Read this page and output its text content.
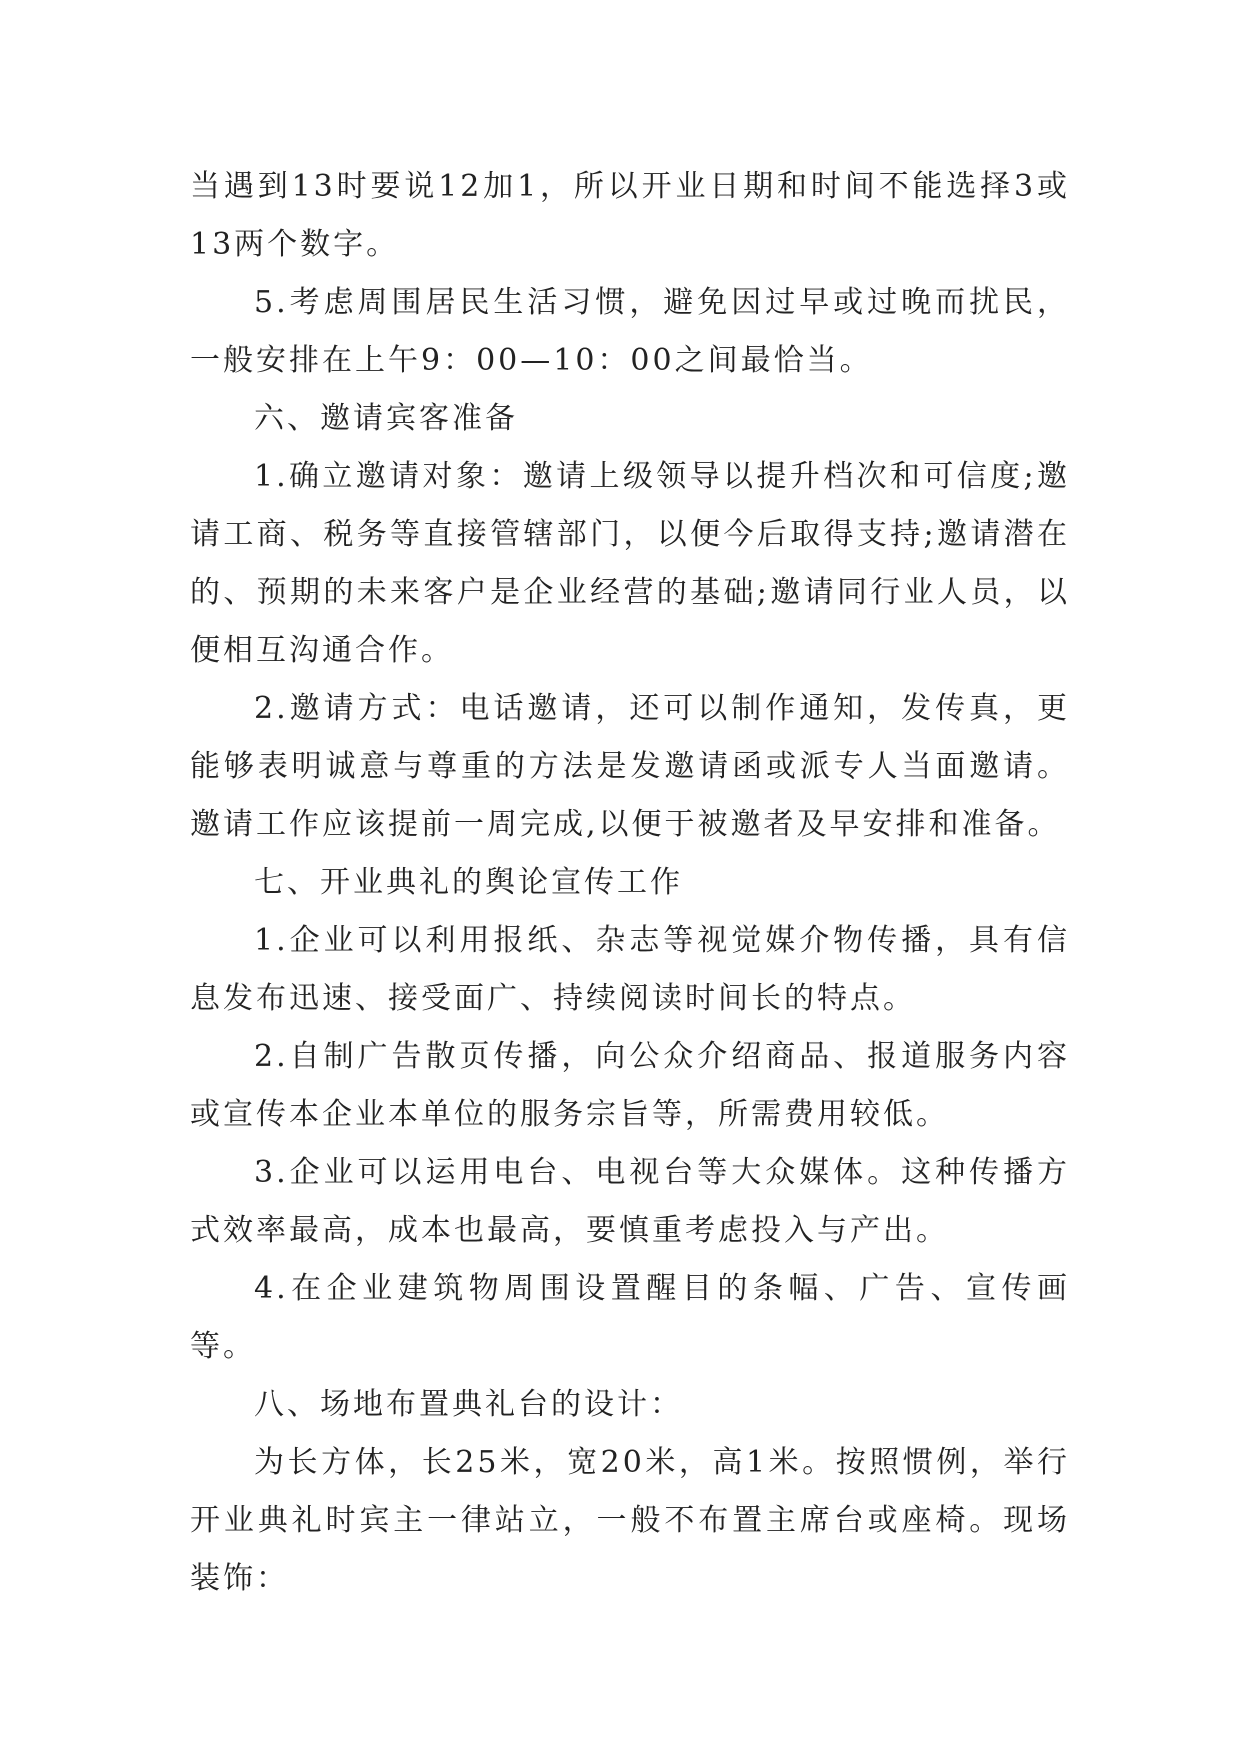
当遇到13时要说12加1，所以开业日期和时间不能选择3或13两个数字。

5.考虑周围居民生活习惯，避免因过早或过晚而扰民，一般安排在上午9：00—10：00之间最恰当。

六、邀请宾客准备

1.确立邀请对象：邀请上级领导以提升档次和可信度;邀请工商、税务等直接管辖部门，以便今后取得支持;邀请潜在的、预期的未来客户是企业经营的基础;邀请同行业人员，以便相互沟通合作。

2.邀请方式：电话邀请，还可以制作通知，发传真，更能够表明诚意与尊重的方法是发邀请函或派专人当面邀请。邀请工作应该提前一周完成,以便于被邀者及早安排和准备。

七、开业典礼的舆论宣传工作

1.企业可以利用报纸、杂志等视觉媒介物传播，具有信息发布迅速、接受面广、持续阅读时间长的特点。

2.自制广告散页传播，向公众介绍商品、报道服务内容或宣传本企业本单位的服务宗旨等，所需费用较低。

3.企业可以运用电台、电视台等大众媒体。这种传播方式效率最高，成本也最高，要慎重考虑投入与产出。

4.在企业建筑物周围设置醒目的条幅、广告、宣传画等。

八、场地布置典礼台的设计：

为长方体，长25米，宽20米，高1米。按照惯例，举行开业典礼时宾主一律站立，一般不布置主席台或座椅。现场装饰：
